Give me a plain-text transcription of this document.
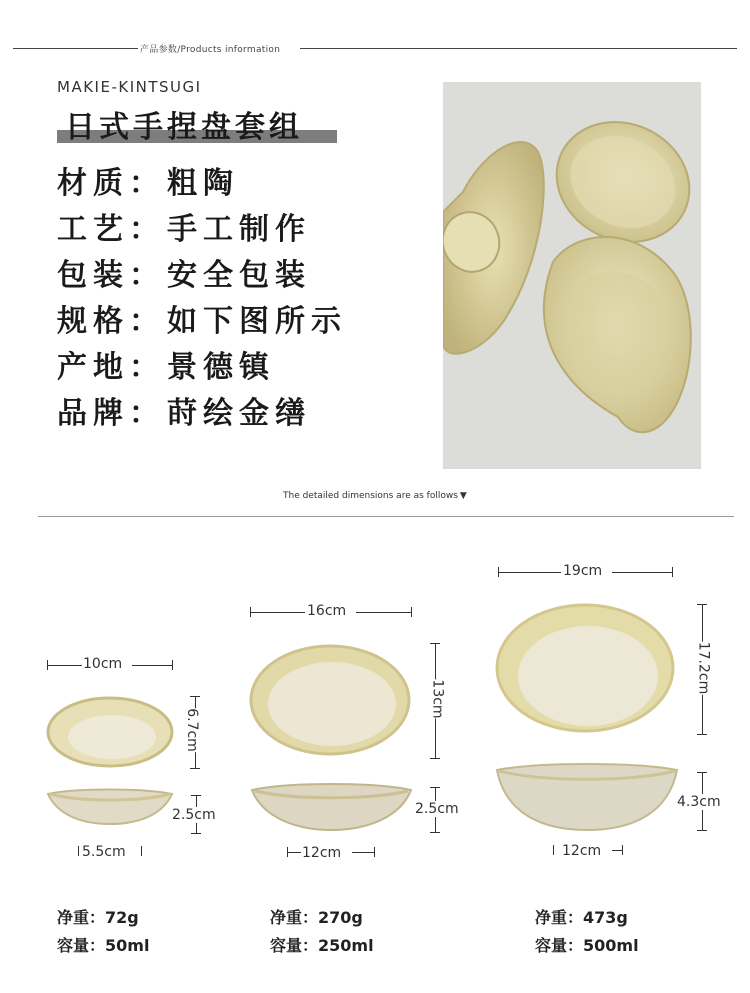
产品参数/Products information
MAKIE-KINTSUGI
日式手捏盘套组
材质： 粗陶
工艺： 手工制作
包装： 安全包装
规格： 如下图所示
产地： 景德镇
品牌： 莳绘金缮
The detailed dimensions are as follows ▼
10cm
6.7cm
2.5cm
5.5cm
净重：72g
容量：50ml
16cm
13cm
2.5cm
12cm
净重：270g
容量：250ml
19cm
17.2cm
4.3cm
12cm
净重：473g
容量：500ml
